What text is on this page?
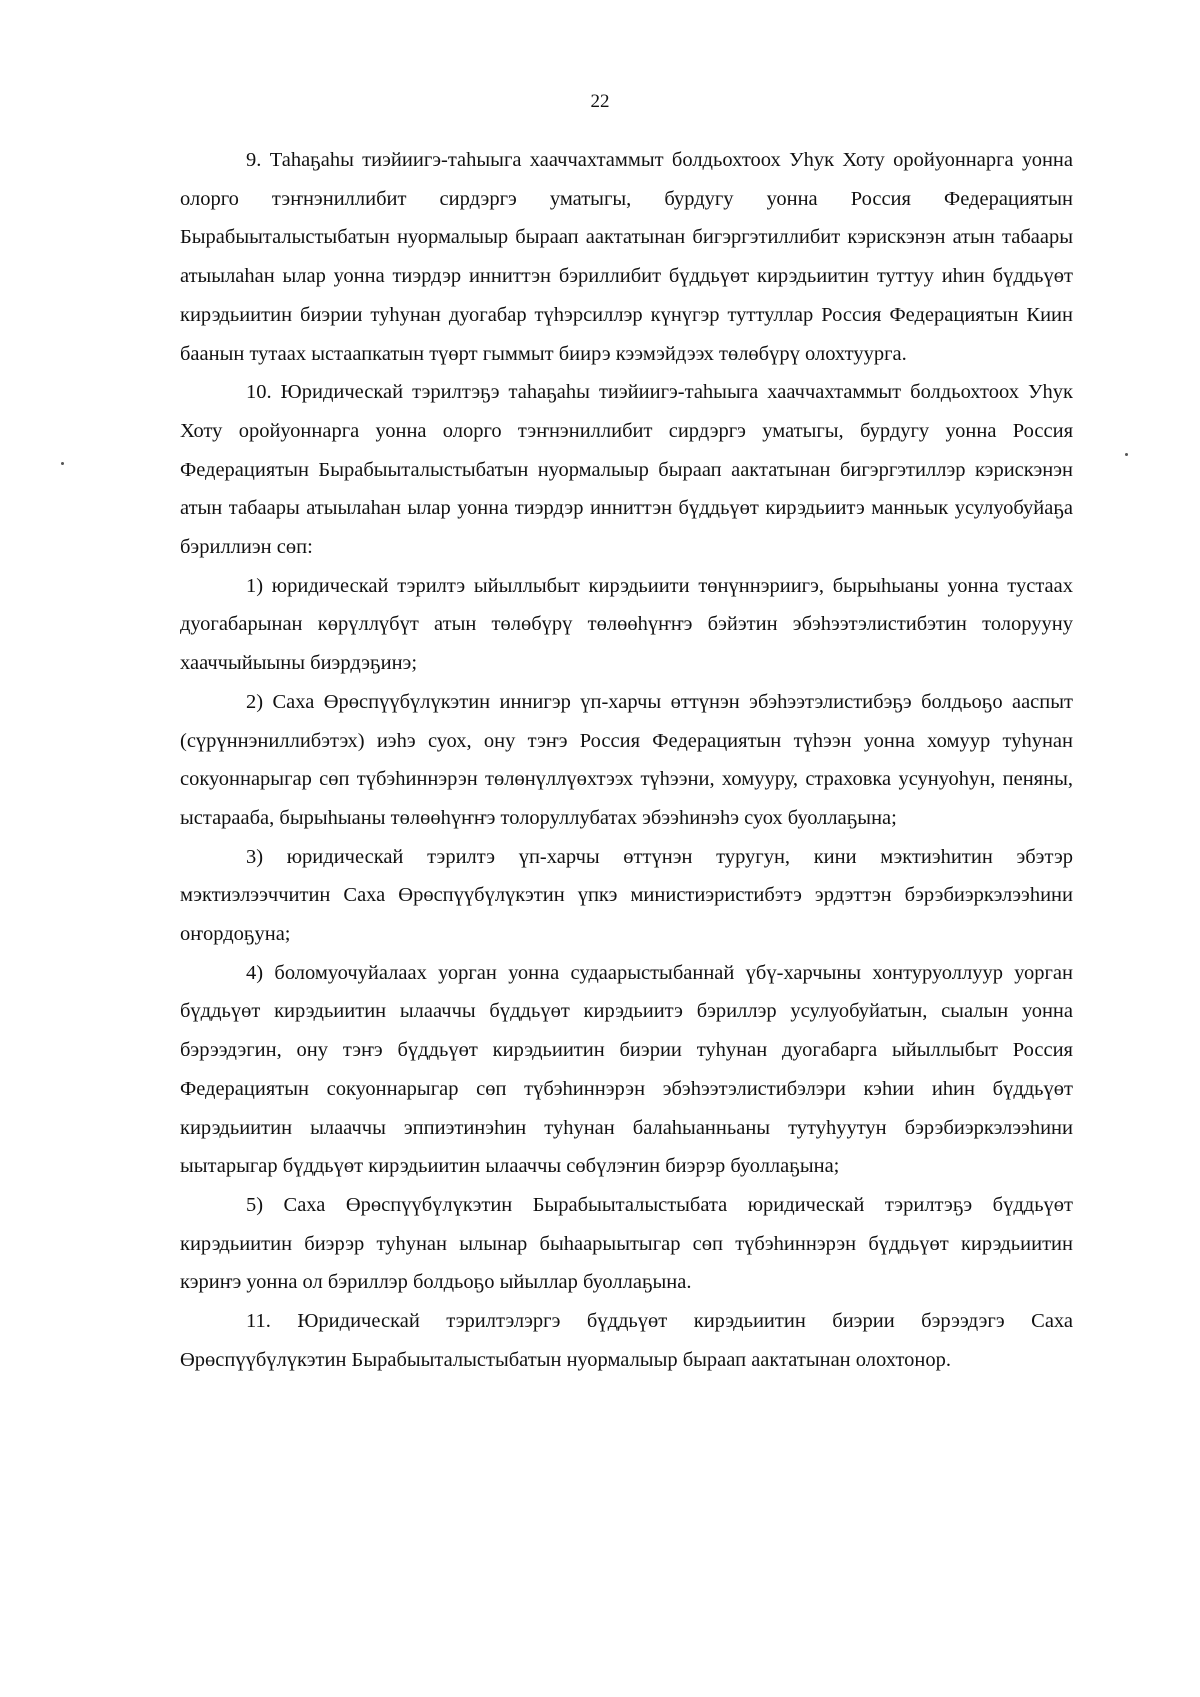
22

9. Таһаҕаһы тиэйиигэ-таһыыга хааччахтаммыт болдьохтоох Уһук Хоту оройуоннарга уонна олорго тэҥнэниллибит сирдэргэ уматыгы, бурдугу уонна Россия Федерациятын Бырабыыталыстыбатын нуормалыыр быраап аактатынан бигэргэтиллибит кэрискэнэн атын табаары атыылаһан ылар уонна тиэрдэр инниттэн бэриллибит бүддьүөт кирэдьиитин туттуу иһин бүддьүөт кирэдьиитин биэрии туһунан дуогабар түһэрсиллэр күнүгэр туттуллар Россия Федерациятын Киин баанын тутаах ыстаапкатын түөрт гыммыт биирэ кээмэйдээх төлөбүрү олохтуурга.

10. Юридическай тэрилтэҕэ таһаҕаһы тиэйиигэ-таһыыга хааччахтаммыт болдьохтоох Уһук Хоту оройуоннарга уонна олорго тэҥнэниллибит сирдэргэ уматыгы, бурдугу уонна Россия Федерациятын Бырабыыталыстыбатын нуормалыыр быраап аактатынан бигэргэтиллэр кэрискэнэн атын табаары атыылаһан ылар уонна тиэрдэр инниттэн бүддьүөт кирэдьиитэ манньык усулуобуйаҕа бэриллиэн сөп:

1) юридическай тэрилтэ ыйыллыбыт кирэдьиити төнүннэриигэ, бырыһыаны уонна тустаах дуогабарынан көрүллүбүт атын төлөбүрү төлөөһүҥҥэ бэйэтин эбэһээтэлистибэтин толорууну хааччыйыыны биэрдэҕинэ;

2) Саха Өрөспүүбүлүкэтин иннигэр үп-харчы өттүнэн эбэһээтэлистибэҕэ болдьоҕо ааспыт (сүрүннэниллибэтэх) иэһэ суох, ону тэҥэ Россия Федерациятын түһээн уонна хомуур туһунан сокуоннарыгар сөп түбэһиннэрэн төлөнүллүөхтээх түһээни, хомууру, страховка усунуоһун, пеняны, ыстарааба, бырыһыаны төлөөһүҥҥэ толоруллубатах эбээһинэһэ суох буоллаҕына;

3) юридическай тэрилтэ үп-харчы өттүнэн туругун, кини мэктиэһитин эбэтэр мэктиэлээччитин Саха Өрөспүүбүлүкэтин үпкэ министиэристибэтэ эрдэттэн бэрэбиэркэлээһини оҥордоҕуна;

4) боломуочуйалаах уорган уонна судаарыстыбаннай үбү-харчыны хонтуруоллуур уорган бүддьүөт кирэдьиитин ылааччы бүддьүөт кирэдьиитэ бэриллэр усулуобуйатын, сыалын уонна бэрээдэгин, ону тэҥэ бүддьүөт кирэдьиитин биэрии туһунан дуогабарга ыйыллыбыт Россия Федерациятын сокуоннарыгар сөп түбэһиннэрэн эбэһээтэлистибэлэри кэһии иһин бүддьүөт кирэдьиитин ылааччы эппиэтинэһин туһунан балаһыанньаны тутуһуутун бэрэбиэркэлээһини ыытарыгар бүддьүөт кирэдьиитин ылааччы сөбүлэҥин биэрэр буоллаҕына;

5) Саха Өрөспүүбүлүкэтин Бырабыыталыстыбата юридическай тэрилтэҕэ бүддьүөт кирэдьиитин биэрэр туһунан ылынар быһаарыытыгар сөп түбэһиннэрэн бүддьүөт кирэдьиитин кэриҥэ уонна ол бэриллэр болдьоҕо ыйыллар буоллаҕына.

11. Юридическай тэрилтэлэргэ бүддьүөт кирэдьиитин биэрии бэрээдэгэ Саха Өрөспүүбүлүкэтин Бырабыыталыстыбатын нуормалыыр быраап аактатынан олохтонор.
